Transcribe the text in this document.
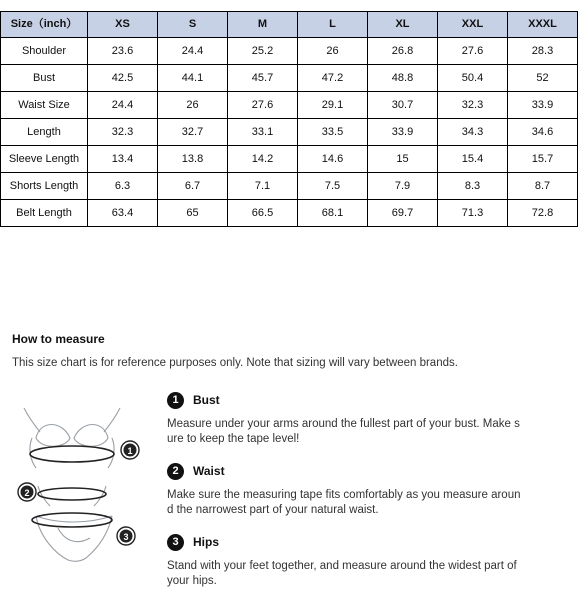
Size（inch）	XS	S	M	L	XL	XXL	XXXL
Shoulder	23.6	24.4	25.2	26	26.8	27.6	28.3
Bust	42.5	44.1	45.7	47.2	48.8	50.4	52
Waist Size	24.4	26	27.6	29.1	30.7	32.3	33.9
Length	32.3	32.7	33.1	33.5	33.9	34.3	34.6
Sleeve Length	13.4	13.8	14.2	14.6	15	15.4	15.7
Shorts Length	6.3	6.7	7.1	7.5	7.9	8.3	8.7
Belt Length	63.4	65	66.5	68.1	69.7	71.3	72.8
How to measure

This size chart is for reference purposes only. Note that sizing will vary between brands.

1
2
3
1	Bust

Measure under your arms around the fullest part of your bust. Make s
ure to keep the tape level!

2	Waist

Make sure the measuring tape fits comfortably as you measure aroun
d the narrowest part of your natural waist.

3	Hips

Stand with your feet together, and measure around the widest part of
your hips.
